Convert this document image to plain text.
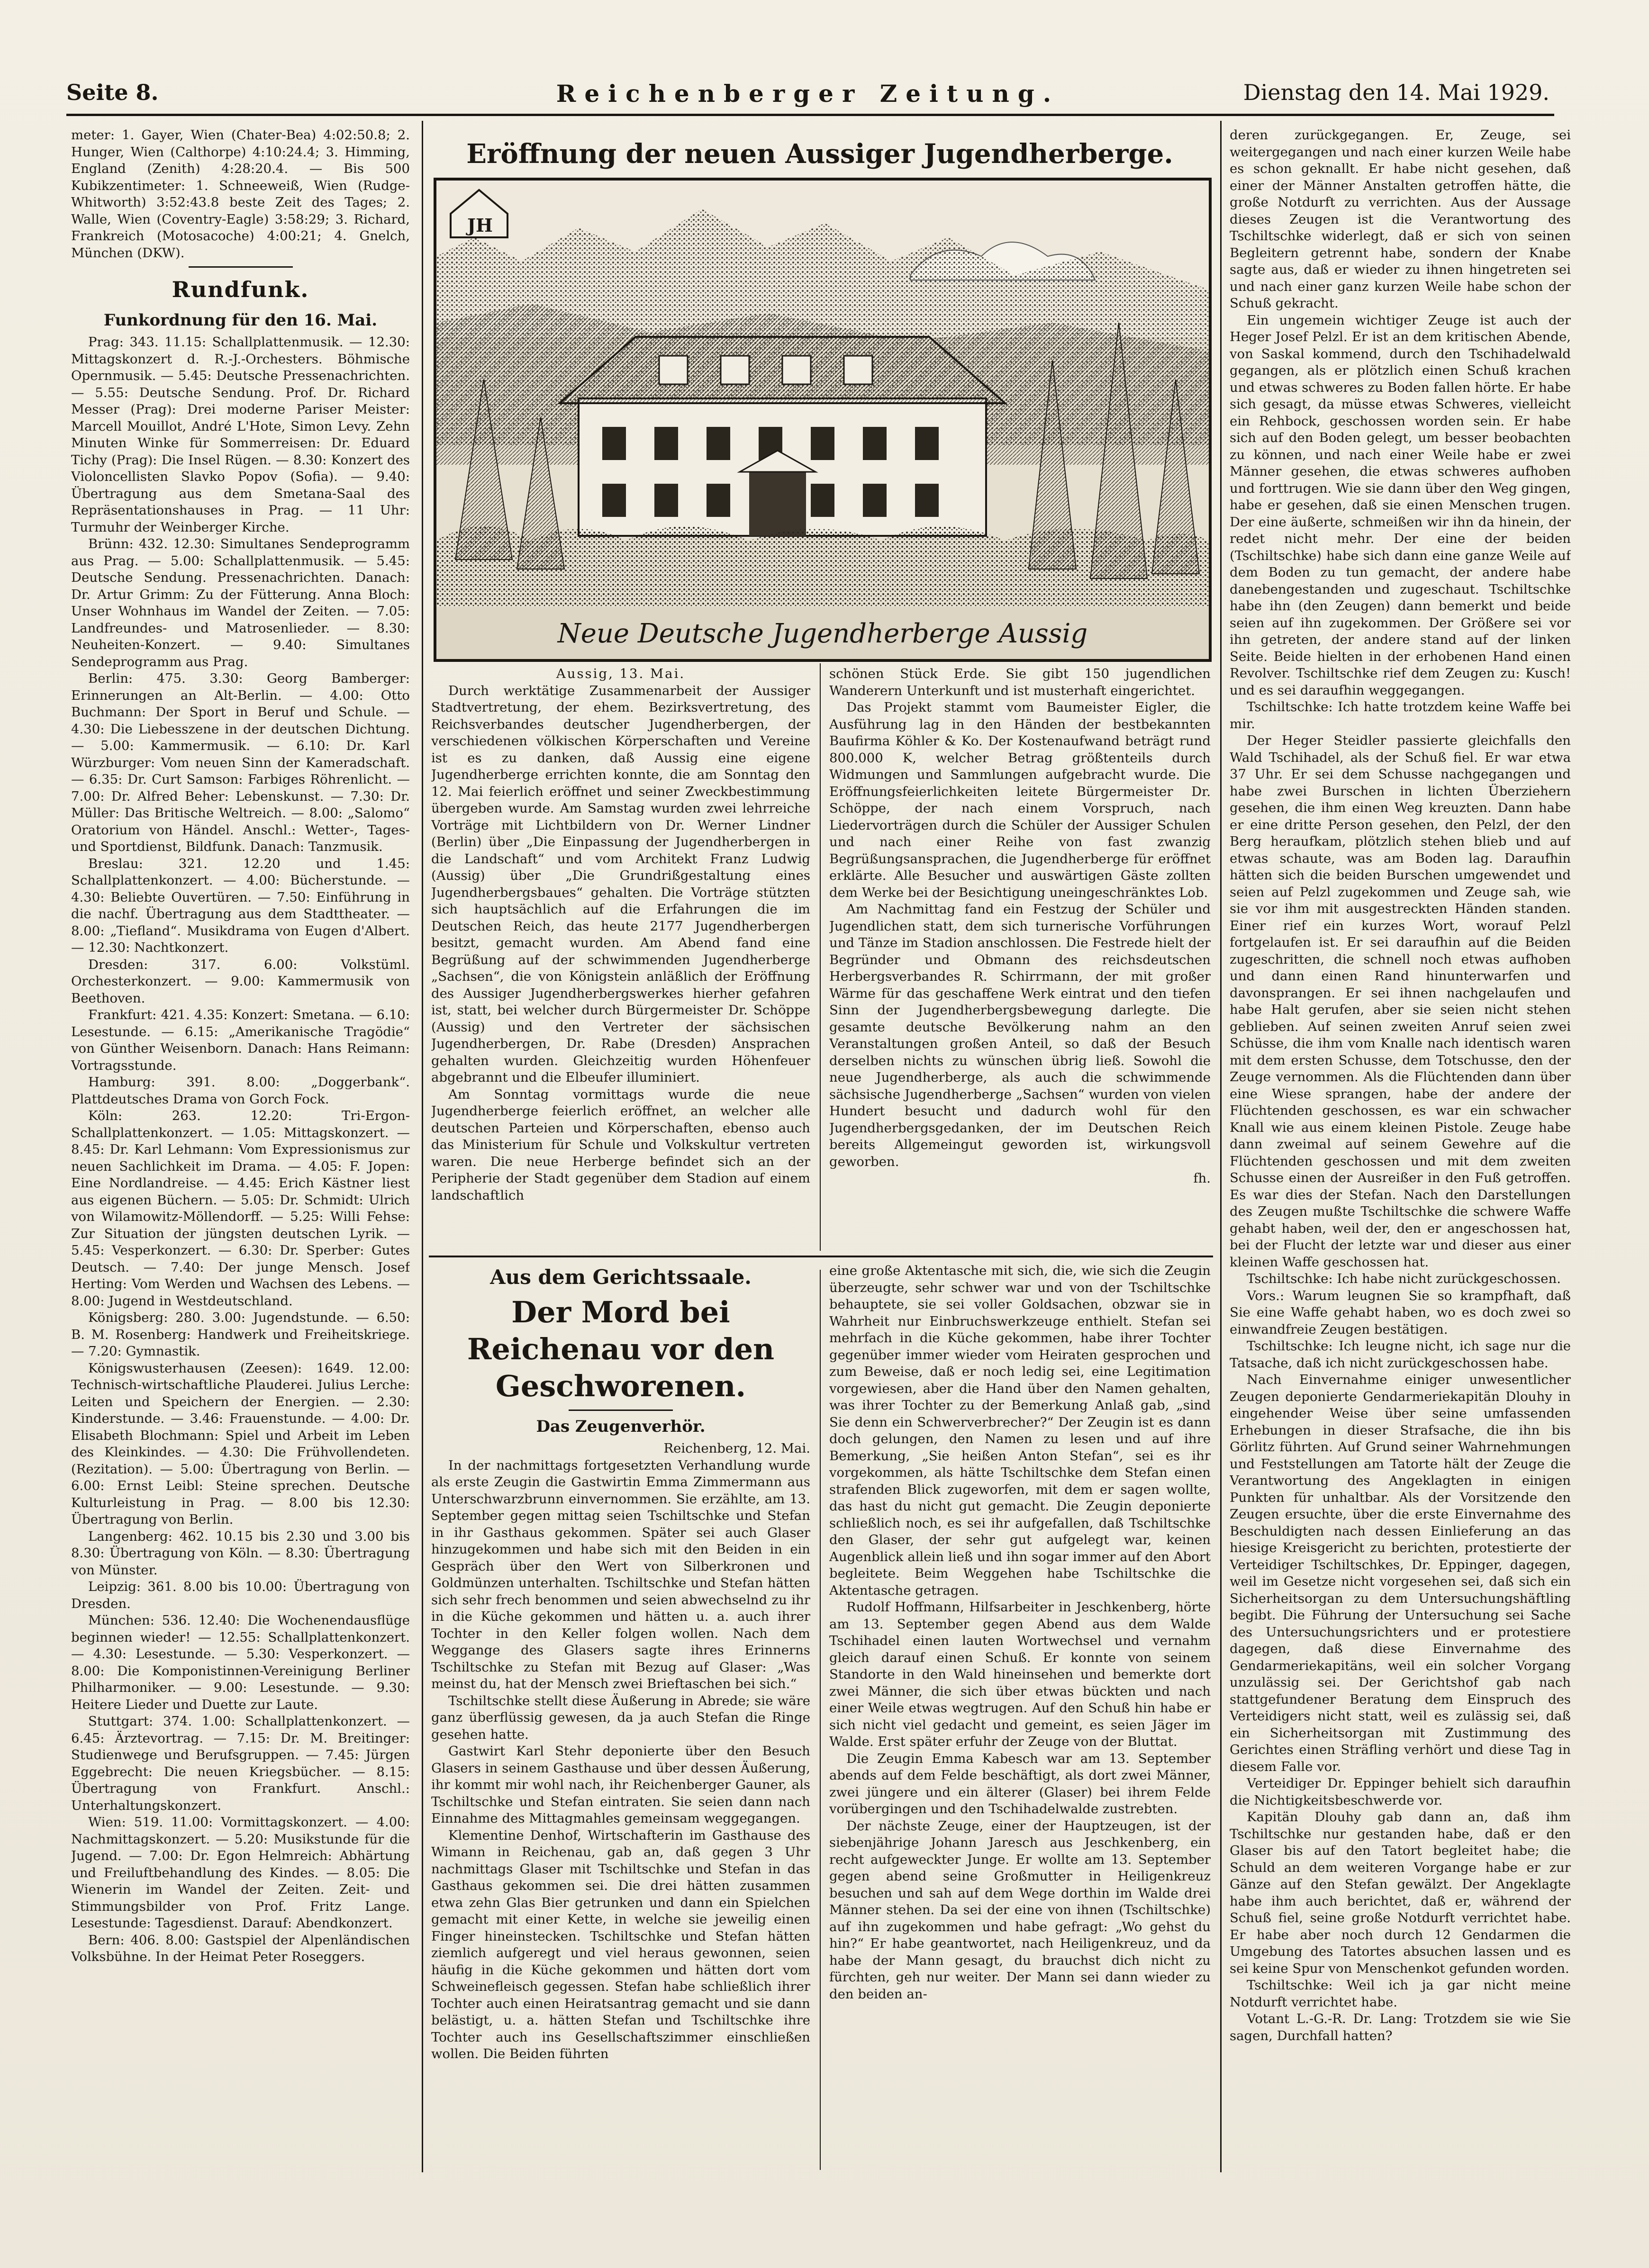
Seite 8.	Reichenberger Zeitung.	Dienstag den 14. Mai 1929.

meter: 1. Gayer, Wien (Chater-Bea) 4:02:50.8; 2. Hunger, Wien (Calthorpe) 4:10:24.4; 3. Himming, England (Zenith) 4:28:20.4. — Bis 500 Kubikzentimeter: 1. Schneeweiß, Wien (Rudge-Whitworth) 3:52:43.8 beste Zeit des Tages; 2. Walle, Wien (Coventry-Eagle) 3:58:29; 3. Richard, Frankreich (Motosacoche) 4:00:21; 4. Gnelch, München (DKW).

Rundfunk.
Funkordnung für den 16. Mai.

Prag: 343. 11.15: Schallplattenmusik. — 12.30: Mittagskonzert d. R.-J.-Orchesters. Böhmische Opernmusik. — 5.45: Deutsche Pressenachrichten. — 5.55: Deutsche Sendung. Prof. Dr. Richard Messer (Prag): Drei moderne Pariser Meister: Marcell Mouillot, André L'Hote, Simon Levy. Zehn Minuten Winke für Sommerreisen: Dr. Eduard Tichy (Prag): Die Insel Rügen. — 8.30: Konzert des Violoncellisten Slavko Popov (Sofia). — 9.40: Übertragung aus dem Smetana-Saal des Repräsentationshauses in Prag. — 11 Uhr: Turmuhr der Weinberger Kirche.

Brünn: 432. 12.30: Simultanes Sendeprogramm aus Prag. — 5.00: Schallplattenmusik. — 5.45: Deutsche Sendung. Pressenachrichten. Danach: Dr. Artur Grimm: Zu der Fütterung. Anna Bloch: Unser Wohnhaus im Wandel der Zeiten. — 7.05: Landfreundes- und Matrosenlieder. — 8.30: Neuheiten-Konzert. — 9.40: Simultanes Sendeprogramm aus Prag.

Berlin: 475. 3.30: Georg Bamberger: Erinnerungen an Alt-Berlin. — 4.00: Otto Buchmann: Der Sport in Beruf und Schule. — 4.30: Die Liebesszene in der deutschen Dichtung. — 5.00: Kammermusik. — 6.10: Dr. Karl Würzburger: Vom neuen Sinn der Kameradschaft. — 6.35: Dr. Curt Samson: Farbiges Röhrenlicht. — 7.00: Dr. Alfred Beher: Lebenskunst. — 7.30: Dr. Müller: Das Britische Weltreich. — 8.00: „Salomo“ Oratorium von Händel. Anschl.: Wetter-, Tages- und Sportdienst, Bildfunk. Danach: Tanzmusik.

Breslau: 321. 12.20 und 1.45: Schallplattenkonzert. — 4.00: Bücherstunde. — 4.30: Beliebte Ouvertüren. — 7.50: Einführung in die nachf. Übertragung aus dem Stadttheater. — 8.00: „Tiefland“. Musikdrama von Eugen d'Albert. — 12.30: Nachtkonzert.

Dresden: 317. 6.00: Volkstüml. Orchesterkonzert. — 9.00: Kammermusik von Beethoven.

Frankfurt: 421. 4.35: Konzert: Smetana. — 6.10: Lesestunde. — 6.15: „Amerikanische Tragödie“ von Günther Weisenborn. Danach: Hans Reimann: Vortragsstunde.

Hamburg: 391. 8.00: „Doggerbank“. Plattdeutsches Drama von Gorch Fock.

Köln: 263. 12.20: Tri-Ergon-Schallplattenkonzert. — 1.05: Mittagskonzert. — 8.45: Dr. Karl Lehmann: Vom Expressionismus zur neuen Sachlichkeit im Drama. — 4.05: F. Jopen: Eine Nordlandreise. — 4.45: Erich Kästner liest aus eigenen Büchern. — 5.05: Dr. Schmidt: Ulrich von Wilamowitz-Möllendorff. — 5.25: Willi Fehse: Zur Situation der jüngsten deutschen Lyrik. — 5.45: Vesperkonzert. — 6.30: Dr. Sperber: Gutes Deutsch. — 7.40: Der junge Mensch. Josef Herting: Vom Werden und Wachsen des Lebens. — 8.00: Jugend in Westdeutschland.

Königsberg: 280. 3.00: Jugendstunde. — 6.50: B. M. Rosenberg: Handwerk und Freiheitskriege. — 7.20: Gymnastik.

Königswusterhausen (Zeesen): 1649. 12.00: Technisch-wirtschaftliche Plauderei. Julius Lerche: Leiten und Speichern der Energien. — 2.30: Kinderstunde. — 3.46: Frauenstunde. — 4.00: Dr. Elisabeth Blochmann: Spiel und Arbeit im Leben des Kleinkindes. — 4.30: Die Frühvollendeten. (Rezitation). — 5.00: Übertragung von Berlin. — 6.00: Ernst Leibl: Steine sprechen. Deutsche Kulturleistung in Prag. — 8.00 bis 12.30: Übertragung von Berlin.

Langenberg: 462. 10.15 bis 2.30 und 3.00 bis 8.30: Übertragung von Köln. — 8.30: Übertragung von Münster.

Leipzig: 361. 8.00 bis 10.00: Übertragung von Dresden.

München: 536. 12.40: Die Wochenendausflüge beginnen wieder! — 12.55: Schallplattenkonzert. — 4.30: Lesestunde. — 5.30: Vesperkonzert. — 8.00: Die Komponistinnen-Vereinigung Berliner Philharmoniker. — 9.00: Lesestunde. — 9.30: Heitere Lieder und Duette zur Laute.

Stuttgart: 374. 1.00: Schallplattenkonzert. — 6.45: Ärztevortrag. — 7.15: Dr. M. Breitinger: Studienwege und Berufsgruppen. — 7.45: Jürgen Eggebrecht: Die neuen Kriegsbücher. — 8.15: Übertragung von Frankfurt. Anschl.: Unterhaltungskonzert.

Wien: 519. 11.00: Vormittagskonzert. — 4.00: Nachmittagskonzert. — 5.20: Musikstunde für die Jugend. — 7.00: Dr. Egon Helmreich: Abhärtung und Freiluftbehandlung des Kindes. — 8.05: Die Wienerin im Wandel der Zeiten. Zeit- und Stimmungsbilder von Prof. Fritz Lange. Lesestunde: Tagesdienst. Darauf: Abendkonzert.

Bern: 406. 8.00: Gastspiel der Alpenländischen Volksbühne. In der Heimat Peter Roseggers.

Eröffnung der neuen Aussiger Jugendherberge.
JH
Neue Deutsche Jugendherberge Aussig

Aussig, 13. Mai.

Durch werktätige Zusammenarbeit der Aussiger Stadtvertretung, der ehem. Bezirksvertretung, des Reichsverbandes deutscher Jugendherbergen, der verschiedenen völkischen Körperschaften und Vereine ist es zu danken, daß Aussig eine eigene Jugendherberge errichten konnte, die am Sonntag den 12. Mai feierlich eröffnet und seiner Zweckbestimmung übergeben wurde. Am Samstag wurden zwei lehrreiche Vorträge mit Lichtbildern von Dr. Werner Lindner (Berlin) über „Die Einpassung der Jugendherbergen in die Landschaft“ und vom Architekt Franz Ludwig (Aussig) über „Die Grundrißgestaltung eines Jugendherbergsbaues“ gehalten. Die Vorträge stützten sich hauptsächlich auf die Erfahrungen die im Deutschen Reich, das heute 2177 Jugendherbergen besitzt, gemacht wurden. Am Abend fand eine Begrüßung auf der schwimmenden Jugendherberge „Sachsen“, die von Königstein anläßlich der Eröffnung des Aussiger Jugendherbergswerkes hierher gefahren ist, statt, bei welcher durch Bürgermeister Dr. Schöppe (Aussig) und den Vertreter der sächsischen Jugendherbergen, Dr. Rabe (Dresden) Ansprachen gehalten wurden. Gleichzeitig wurden Höhenfeuer abgebrannt und die Elbeufer illuminiert.

Am Sonntag vormittags wurde die neue Jugendherberge feierlich eröffnet, an welcher alle deutschen Parteien und Körperschaften, ebenso auch das Ministerium für Schule und Volkskultur vertreten waren. Die neue Herberge befindet sich an der Peripherie der Stadt gegenüber dem Stadion auf einem landschaftlich

schönen Stück Erde. Sie gibt 150 jugendlichen Wanderern Unterkunft und ist musterhaft eingerichtet.

Das Projekt stammt vom Baumeister Eigler, die Ausführung lag in den Händen der bestbekannten Baufirma Köhler & Ko. Der Kostenaufwand beträgt rund 800.000 K, welcher Betrag größtenteils durch Widmungen und Sammlungen aufgebracht wurde. Die Eröffnungsfeierlichkeiten leitete Bürgermeister Dr. Schöppe, der nach einem Vorspruch, nach Liedervorträgen durch die Schüler der Aussiger Schulen und nach einer Reihe von fast zwanzig Begrüßungsansprachen, die Jugendherberge für eröffnet erklärte. Alle Besucher und auswärtigen Gäste zollten dem Werke bei der Besichtigung uneingeschränktes Lob.

Am Nachmittag fand ein Festzug der Schüler und Jugendlichen statt, dem sich turnerische Vorführungen und Tänze im Stadion anschlossen. Die Festrede hielt der Begründer und Obmann des reichsdeutschen Herbergsverbandes R. Schirrmann, der mit großer Wärme für das geschaffene Werk eintrat und den tiefen Sinn der Jugendherbergsbewegung darlegte. Die gesamte deutsche Bevölkerung nahm an den Veranstaltungen großen Anteil, so daß der Besuch derselben nichts zu wünschen übrig ließ. Sowohl die neue Jugendherberge, als auch die schwimmende sächsische Jugendherberge „Sachsen“ wurden von vielen Hundert besucht und dadurch wohl für den Jugendherbergsgedanken, der im Deutschen Reich bereits Allgemeingut geworden ist, wirkungsvoll geworben.

fh.

Aus dem Gerichtssaale.
Der Mord bei Reichenau vor den Geschworenen.
Das Zeugenverhör.

Reichenberg, 12. Mai.

In der nachmittags fortgesetzten Verhandlung wurde als erste Zeugin die Gastwirtin Emma Zimmermann aus Unterschwarzbrunn einvernommen. Sie erzählte, am 13. September gegen mittag seien Tschiltschke und Stefan in ihr Gasthaus gekommen. Später sei auch Glaser hinzugekommen und habe sich mit den Beiden in ein Gespräch über den Wert von Silberkronen und Goldmünzen unterhalten. Tschiltschke und Stefan hätten sich sehr frech benommen und seien abwechselnd zu ihr in die Küche gekommen und hätten u. a. auch ihrer Tochter in den Keller folgen wollen. Nach dem Weggange des Glasers sagte ihres Erinnerns Tschiltschke zu Stefan mit Bezug auf Glaser: „Was meinst du, hat der Mensch zwei Brieftaschen bei sich.“

Tschiltschke stellt diese Äußerung in Abrede; sie wäre ganz überflüssig gewesen, da ja auch Stefan die Ringe gesehen hatte.

Gastwirt Karl Stehr deponierte über den Besuch Glasers in seinem Gasthause und über dessen Äußerung, ihr kommt mir wohl nach, ihr Reichenberger Gauner, als Tschiltschke und Stefan eintraten. Sie seien dann nach Einnahme des Mittagmahles gemeinsam weggegangen.

Klementine Denhof, Wirtschafterin im Gasthause des Wimann in Reichenau, gab an, daß gegen 3 Uhr nachmittags Glaser mit Tschiltschke und Stefan in das Gasthaus gekommen sei. Die drei hätten zusammen etwa zehn Glas Bier getrunken und dann ein Spielchen gemacht mit einer Kette, in welche sie jeweilig einen Finger hineinstecken. Tschiltschke und Stefan hätten ziemlich aufgeregt und viel heraus gewonnen, seien häufig in die Küche gekommen und hätten dort vom Schweinefleisch gegessen. Stefan habe schließlich ihrer Tochter auch einen Heiratsantrag gemacht und sie dann belästigt, u. a. hätten Stefan und Tschiltschke ihre Tochter auch ins Gesellschaftszimmer einschließen wollen. Die Beiden führten

eine große Aktentasche mit sich, die, wie sich die Zeugin überzeugte, sehr schwer war und von der Tschiltschke behauptete, sie sei voller Goldsachen, obzwar sie in Wahrheit nur Einbruchswerkzeuge enthielt. Stefan sei mehrfach in die Küche gekommen, habe ihrer Tochter gegenüber immer wieder vom Heiraten gesprochen und zum Beweise, daß er noch ledig sei, eine Legitimation vorgewiesen, aber die Hand über den Namen gehalten, was ihrer Tochter zu der Bemerkung Anlaß gab, „sind Sie denn ein Schwerverbrecher?“ Der Zeugin ist es dann doch gelungen, den Namen zu lesen und auf ihre Bemerkung, „Sie heißen Anton Stefan“, sei es ihr vorgekommen, als hätte Tschiltschke dem Stefan einen strafenden Blick zugeworfen, mit dem er sagen wollte, das hast du nicht gut gemacht. Die Zeugin deponierte schließlich noch, es sei ihr aufgefallen, daß Tschiltschke den Glaser, der sehr gut aufgelegt war, keinen Augenblick allein ließ und ihn sogar immer auf den Abort begleitete. Beim Weggehen habe Tschiltschke die Aktentasche getragen.

Rudolf Hoffmann, Hilfsarbeiter in Jeschkenberg, hörte am 13. September gegen Abend aus dem Walde Tschihadel einen lauten Wortwechsel und vernahm gleich darauf einen Schuß. Er konnte von seinem Standorte in den Wald hineinsehen und bemerkte dort zwei Männer, die sich über etwas bückten und nach einer Weile etwas wegtrugen. Auf den Schuß hin habe er sich nicht viel gedacht und gemeint, es seien Jäger im Walde. Erst später erfuhr der Zeuge von der Bluttat.

Die Zeugin Emma Kabesch war am 13. September abends auf dem Felde beschäftigt, als dort zwei Männer, zwei jüngere und ein älterer (Glaser) bei ihrem Felde vorübergingen und den Tschihadelwalde zustrebten.

Der nächste Zeuge, einer der Hauptzeugen, ist der siebenjährige Johann Jaresch aus Jeschkenberg, ein recht aufgeweckter Junge. Er wollte am 13. September gegen abend seine Großmutter in Heiligenkreuz besuchen und sah auf dem Wege dorthin im Walde drei Männer stehen. Da sei der eine von ihnen (Tschiltschke) auf ihn zugekommen und habe gefragt: „Wo gehst du hin?“ Er habe geantwortet, nach Heiligenkreuz, und da habe der Mann gesagt, du brauchst dich nicht zu fürchten, geh nur weiter. Der Mann sei dann wieder zu den beiden an-

deren zurückgegangen. Er, Zeuge, sei weitergegangen und nach einer kurzen Weile habe es schon geknallt. Er habe nicht gesehen, daß einer der Männer Anstalten getroffen hätte, die große Notdurft zu verrichten. Aus der Aussage dieses Zeugen ist die Verantwortung des Tschiltschke widerlegt, daß er sich von seinen Begleitern getrennt habe, sondern der Knabe sagte aus, daß er wieder zu ihnen hingetreten sei und nach einer ganz kurzen Weile habe schon der Schuß gekracht.

Ein ungemein wichtiger Zeuge ist auch der Heger Josef Pelzl. Er ist an dem kritischen Abende, von Saskal kommend, durch den Tschihadelwald gegangen, als er plötzlich einen Schuß krachen und etwas schweres zu Boden fallen hörte. Er habe sich gesagt, da müsse etwas Schweres, vielleicht ein Rehbock, geschossen worden sein. Er habe sich auf den Boden gelegt, um besser beobachten zu können, und nach einer Weile habe er zwei Männer gesehen, die etwas schweres aufhoben und forttrugen. Wie sie dann über den Weg gingen, habe er gesehen, daß sie einen Menschen trugen. Der eine äußerte, schmeißen wir ihn da hinein, der redet nicht mehr. Der eine der beiden (Tschiltschke) habe sich dann eine ganze Weile auf dem Boden zu tun gemacht, der andere habe danebengestanden und zugeschaut. Tschiltschke habe ihn (den Zeugen) dann bemerkt und beide seien auf ihn zugekommen. Der Größere sei vor ihn getreten, der andere stand auf der linken Seite. Beide hielten in der erhobenen Hand einen Revolver. Tschiltschke rief dem Zeugen zu: Kusch! und es sei daraufhin weggegangen.

Tschiltschke: Ich hatte trotzdem keine Waffe bei mir.

Der Heger Steidler passierte gleichfalls den Wald Tschihadel, als der Schuß fiel. Er war etwa 37 Uhr. Er sei dem Schusse nachgegangen und habe zwei Burschen in lichten Überziehern gesehen, die ihm einen Weg kreuzten. Dann habe er eine dritte Person gesehen, den Pelzl, der den Berg heraufkam, plötzlich stehen blieb und auf etwas schaute, was am Boden lag. Daraufhin hätten sich die beiden Burschen umgewendet und seien auf Pelzl zugekommen und Zeuge sah, wie sie vor ihm mit ausgestreckten Händen standen. Einer rief ein kurzes Wort, worauf Pelzl fortgelaufen ist. Er sei daraufhin auf die Beiden zugeschritten, die schnell noch etwas aufhoben und dann einen Rand hinunterwarfen und davonsprangen. Er sei ihnen nachgelaufen und habe Halt gerufen, aber sie seien nicht stehen geblieben. Auf seinen zweiten Anruf seien zwei Schüsse, die ihm vom Knalle nach identisch waren mit dem ersten Schusse, dem Totschusse, den der Zeuge vernommen. Als die Flüchtenden dann über eine Wiese sprangen, habe der andere der Flüchtenden geschossen, es war ein schwacher Knall wie aus einem kleinen Pistole. Zeuge habe dann zweimal auf seinem Gewehre auf die Flüchtenden geschossen und mit dem zweiten Schusse einen der Ausreißer in den Fuß getroffen. Es war dies der Stefan. Nach den Darstellungen des Zeugen mußte Tschiltschke die schwere Waffe gehabt haben, weil der, den er angeschossen hat, bei der Flucht der letzte war und dieser aus einer kleinen Waffe geschossen hat.

Tschiltschke: Ich habe nicht zurückgeschossen.

Vors.: Warum leugnen Sie so krampfhaft, daß Sie eine Waffe gehabt haben, wo es doch zwei so einwandfreie Zeugen bestätigen.

Tschiltschke: Ich leugne nicht, ich sage nur die Tatsache, daß ich nicht zurückgeschossen habe.

Nach Einvernahme einiger unwesentlicher Zeugen deponierte Gendarmeriekapitän Dlouhy in eingehender Weise über seine umfassenden Erhebungen in dieser Strafsache, die ihn bis Görlitz führten. Auf Grund seiner Wahrnehmungen und Feststellungen am Tatorte hält der Zeuge die Verantwortung des Angeklagten in einigen Punkten für unhaltbar. Als der Vorsitzende den Zeugen ersuchte, über die erste Einvernahme des Beschuldigten nach dessen Einlieferung an das hiesige Kreisgericht zu berichten, protestierte der Verteidiger Tschiltschkes, Dr. Eppinger, dagegen, weil im Gesetze nicht vorgesehen sei, daß sich ein Sicherheitsorgan zu dem Untersuchungshäftling begibt. Die Führung der Untersuchung sei Sache des Untersuchungsrichters und er protestiere dagegen, daß diese Einvernahme des Gendarmeriekapitäns, weil ein solcher Vorgang unzulässig sei. Der Gerichtshof gab nach stattgefundener Beratung dem Einspruch des Verteidigers nicht statt, weil es zulässig sei, daß ein Sicherheitsorgan mit Zustimmung des Gerichtes einen Sträfling verhört und diese Tag in diesem Falle vor.

Verteidiger Dr. Eppinger behielt sich daraufhin die Nichtigkeitsbeschwerde vor.

Kapitän Dlouhy gab dann an, daß ihm Tschiltschke nur gestanden habe, daß er den Glaser bis auf den Tatort begleitet habe; die Schuld an dem weiteren Vorgange habe er zur Gänze auf den Stefan gewälzt. Der Angeklagte habe ihm auch berichtet, daß er, während der Schuß fiel, seine große Notdurft verrichtet habe. Er habe aber noch durch 12 Gendarmen die Umgebung des Tatortes absuchen lassen und es sei keine Spur von Menschenkot gefunden worden.

Tschiltschke: Weil ich ja gar nicht meine Notdurft verrichtet habe.

Votant L.-G.-R. Dr. Lang: Trotzdem sie wie Sie sagen, Durchfall hatten?
